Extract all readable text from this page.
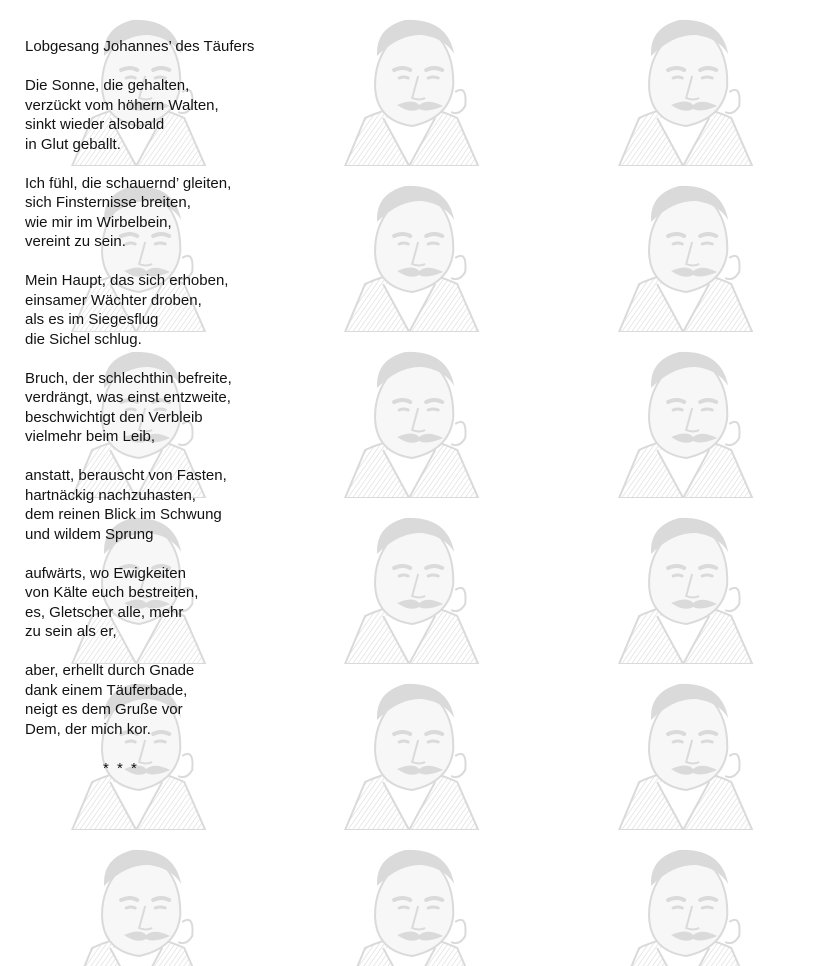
Lobgesang Johannes’ des Täufers
Die Sonne, die gehalten,
verzückt vom höhern Walten,
sinkt wieder alsobald
in Glut geballt.
Ich fühl, die schauernd’ gleiten,
sich Finsternisse breiten,
wie mir im Wirbelbein,
vereint zu sein.
Mein Haupt, das sich erhoben,
einsamer Wächter droben,
als es im Siegesflug
die Sichel schlug.
Bruch, der schlechthin befreite,
verdrängt, was einst entzweite,
beschwichtigt den Verbleib
vielmehr beim Leib,
anstatt, berauscht von Fasten,
hartnäckig nachzuhasten,
dem reinen Blick im Schwung
und wildem Sprung
aufwärts, wo Ewigkeiten
von Kälte euch bestreiten,
es, Gletscher alle, mehr
zu sein als er,
aber, erhellt durch Gnade
dank einem Täuferbade,
neigt es dem Gruße vor
Dem, der mich kor.
* * *
